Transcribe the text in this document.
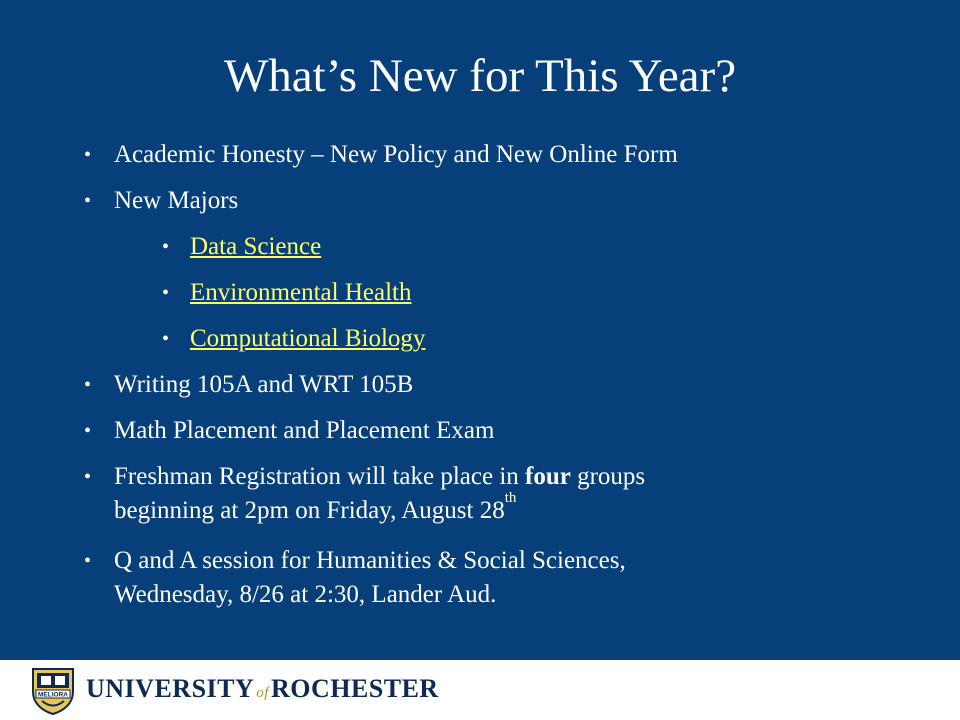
What’s New for This Year?
• Academic Honesty – New Policy and New Online Form
• New Majors
• Data Science
• Environmental Health
• Computational Biology
• Writing 105A and WRT 105B
• Math Placement and Placement Exam
• Freshman Registration will take place in four groups
beginning at 2pm on Friday, August 28th
• Q and A session for Humanities & Social Sciences,
Wednesday, 8/26 at 2:30, Lander Aud.
MELIORA UNIVERSITY ofROCHESTER
